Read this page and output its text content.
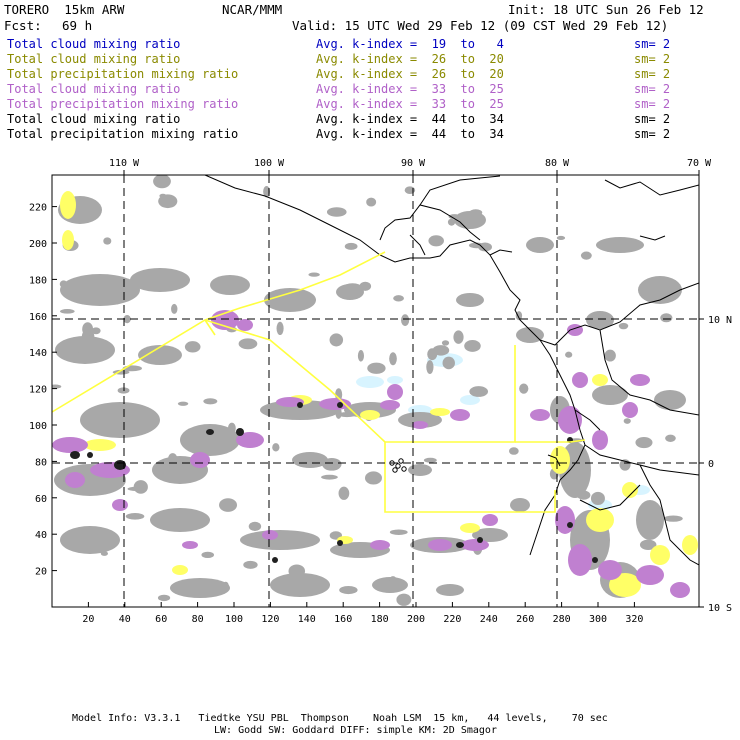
TORERO  15km ARW	NCAR/MMM	Init: 18 UTC Sun 26 Feb 12
Fcst: 69 h	Valid: 15 UTC Wed 29 Feb 12 (09 CST Wed 29 Feb 12)
Total cloud mixing ratio	Avg. k-index =  19  to   4	sm= 2
Total cloud mixing ratio	Avg. k-index =  26  to  20	sm= 2
Total precipitation mixing ratio	Avg. k-index =  26  to  20	sm= 2
Total cloud mixing ratio	Avg. k-index =  33  to  25	sm= 2
Total precipitation mixing ratio	Avg. k-index =  33  to  25	sm= 2
Total cloud mixing ratio	Avg. k-index =  44  to  34	sm= 2
Total precipitation mixing ratio	Avg. k-index =  44  to  34	sm= 2
110 W	100 W	90 W	80 W	70 W
10 N
0
10 S
220
200
180
160
140
120
100
80
60
40
20
20 40 60 80 100 120 140 160 180 200 220 240 260 280 300 320
Model Info: V3.3.1   Tiedtke YSU PBL  Thompson    Noah LSM  15 km,   44 levels,    70 sec
LW: Godd SW: Goddard DIFF: simple KM: 2D Smagor
